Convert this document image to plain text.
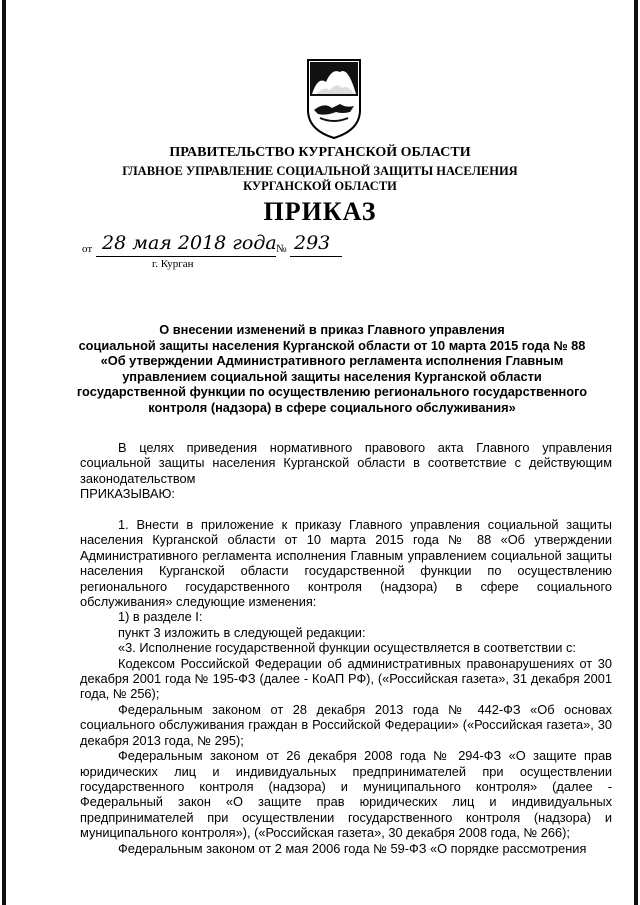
ПРАВИТЕЛЬСТВО КУРГАНСКОЙ ОБЛАСТИ
ГЛАВНОЕ УПРАВЛЕНИЕ СОЦИАЛЬНОЙ ЗАЩИТЫ НАСЕЛЕНИЯ
КУРГАНСКОЙ ОБЛАСТИ
ПРИКАЗ
от 28 мая 2018 года № 293
г. Курган
О внесении изменений в приказ Главного управления
социальной защиты населения Курганской области от 10 марта 2015 года № 88
«Об утверждении Административного регламента исполнения Главным
управлением социальной защиты населения Курганской области
государственной функции по осуществлению регионального государственного
контроля (надзора) в сфере социального обслуживания»

В целях приведения нормативного правового акта Главного управления социальной защиты населения Курганской области в соответствие с действующим законодательством

ПРИКАЗЫВАЮ:

1. Внести в приложение к приказу Главного управления социальной защиты населения Курганской области от 10 марта 2015 года № 88 «Об утверждении Административного регламента исполнения Главным управлением социальной защиты населения Курганской области государственной функции по осуществлению регионального государственного контроля (надзора) в сфере социального обслуживания» следующие изменения:

1) в разделе I:

пункт 3 изложить в следующей редакции:

«3. Исполнение государственной функции осуществляется в соответствии с:

Кодексом Российской Федерации об административных правонарушениях от 30 декабря 2001 года № 195-ФЗ (далее - КоАП РФ), («Российская газета», 31 декабря 2001 года, № 256);

Федеральным законом от 28 декабря 2013 года № 442-ФЗ «Об основах социального обслуживания граждан в Российской Федерации» («Российская газета», 30 декабря 2013 года, № 295);

Федеральным законом от 26 декабря 2008 года № 294-ФЗ «О защите прав юридических лиц и индивидуальных предпринимателей при осуществлении государственного контроля (надзора) и муниципального контроля» (далее - Федеральный закон «О защите прав юридических лиц и индивидуальных предпринимателей при осуществлении государственного контроля (надзора) и муниципального контроля»), («Российская газета», 30 декабря 2008 года, № 266);

Федеральным законом от 2 мая 2006 года № 59-ФЗ «О порядке рассмотрения
